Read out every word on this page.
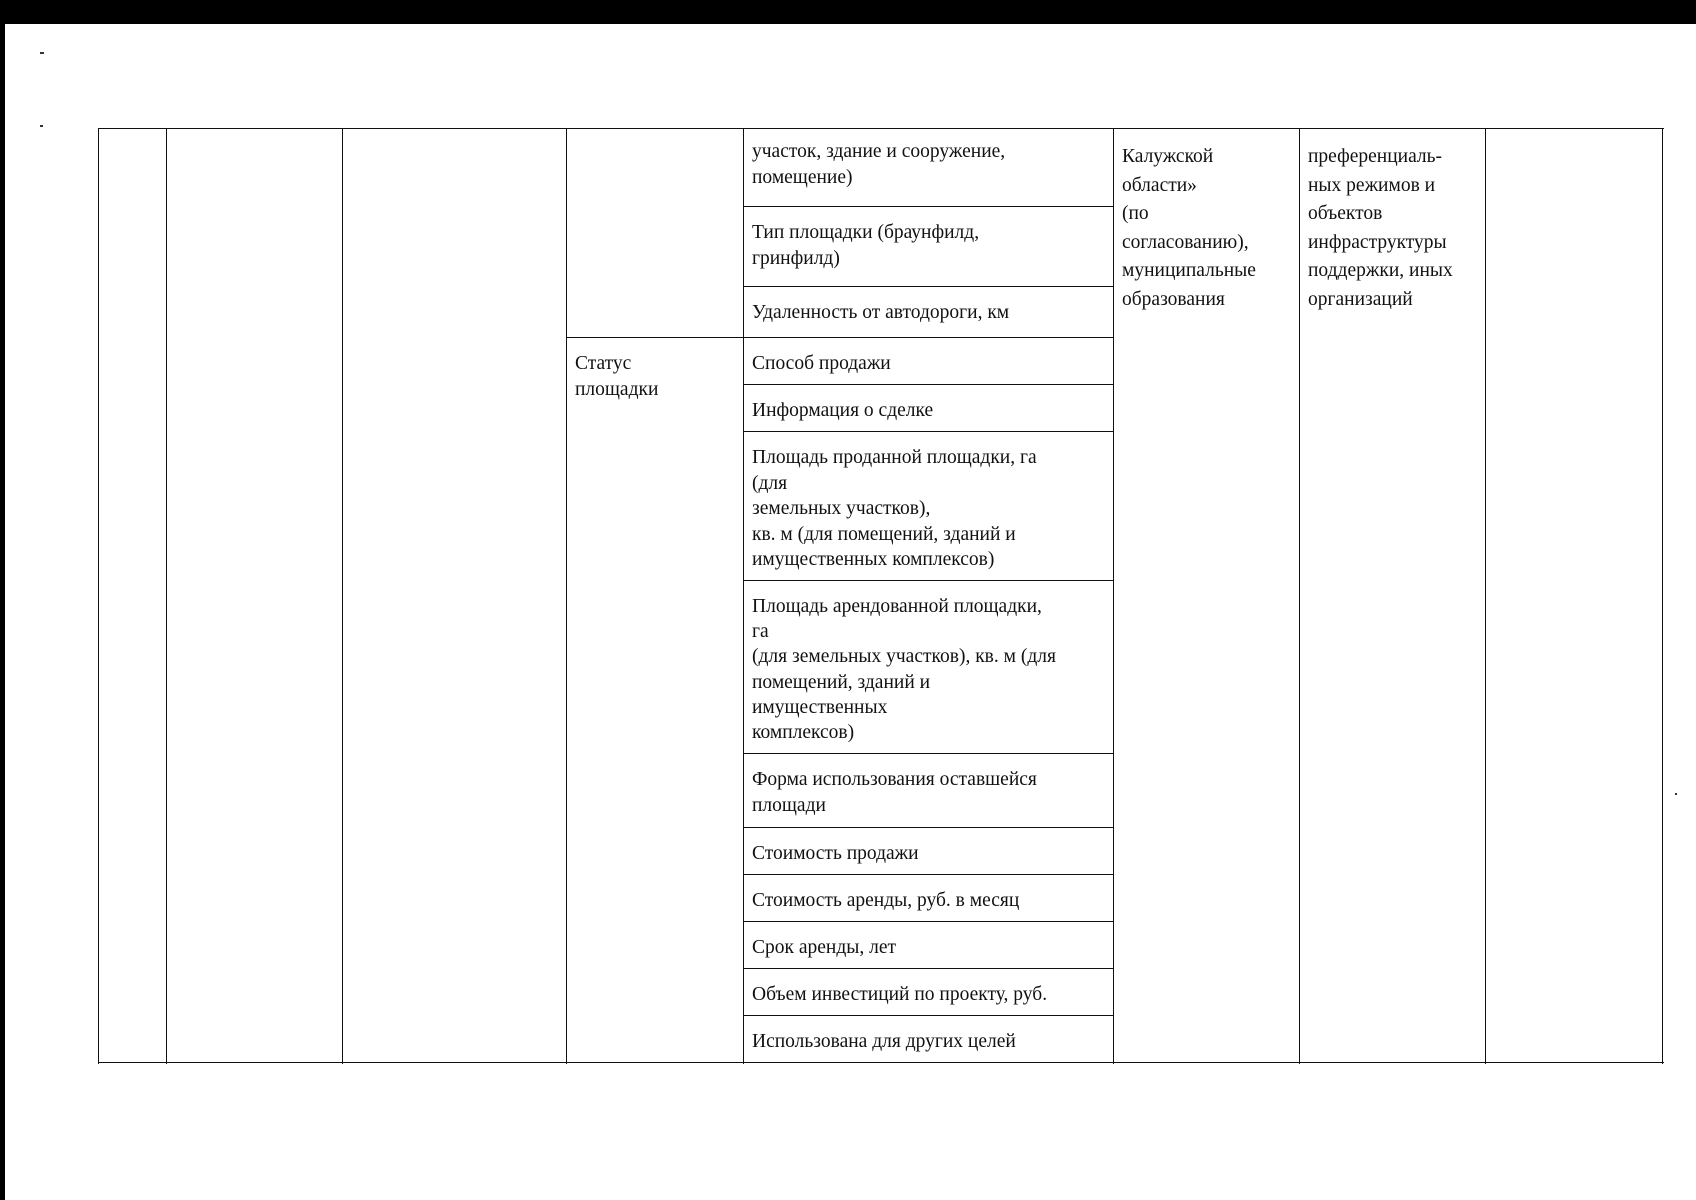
участок, здание и сооружение,
помещение)
Тип площадки (браунфилд,
гринфилд)
Удаленность от автодороги, км
Способ продажи
Информация о сделке
Площадь проданной площадки, га
(для
земельных участков),
кв. м (для помещений, зданий и
имущественных комплексов)
Площадь арендованной площадки,
га
(для земельных участков), кв. м (для
помещений, зданий и
имущественных
комплексов)
Форма использования оставшейся
площади
Стоимость продажи
Стоимость аренды, руб. в месяц
Срок аренды, лет
Объем инвестиций по проекту, руб.
Использована для других целей
Статус
площадки
Калужской
области»
(по
согласованию),
муниципальные
образования
преференциаль-
ных режимов и
объектов
инфраструктуры
поддержки, иных
организаций
